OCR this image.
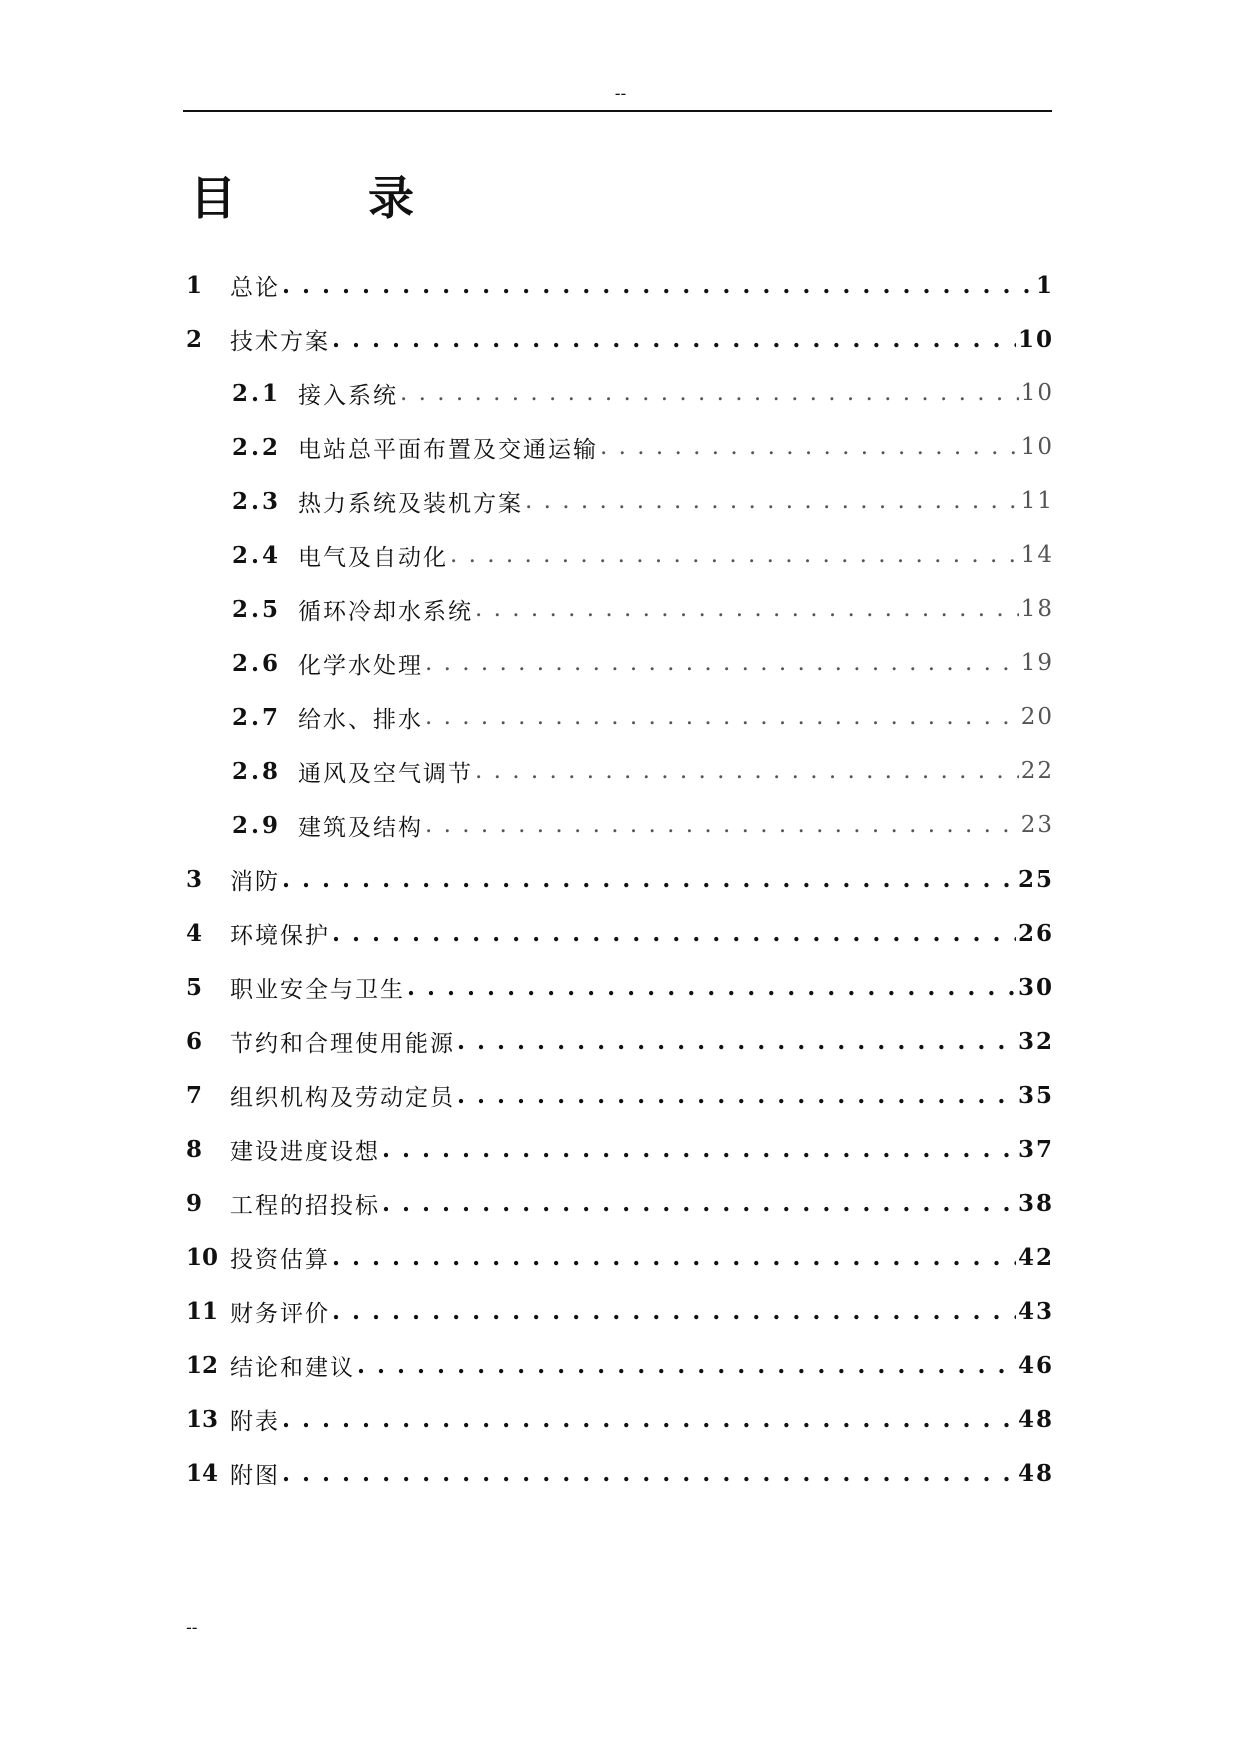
--
目 录
1	总论 . . .	1
2	技术方案 . . .	10
2.1 接入系统 . . .	10
2.2 电站总平面布置及交通运输 . . .	10
2.3 热力系统及装机方案 . . .	11
2.4 电气及自动化 . . .	14
2.5 循环冷却水系统 . . .	18
2.6 化学水处理 . . .	19
2.7 给水、排水 . . .	20
2.8 通风及空气调节 . . .	22
2.9 建筑及结构 . . .	23
3	消防 . . .	25
4	环境保护 . . .	26
5	职业安全与卫生 . . .	30
6	节约和合理使用能源 . . .	32
7	组织机构及劳动定员 . . .	35
8	建设进度设想 . . .	37
9	工程的招投标 . . .	38
10 投资估算 . . .	42
11 财务评价 . . .	43
12 结论和建议 . . .	46
13 附表 . . .	48
14 附图 . . .	48
--
